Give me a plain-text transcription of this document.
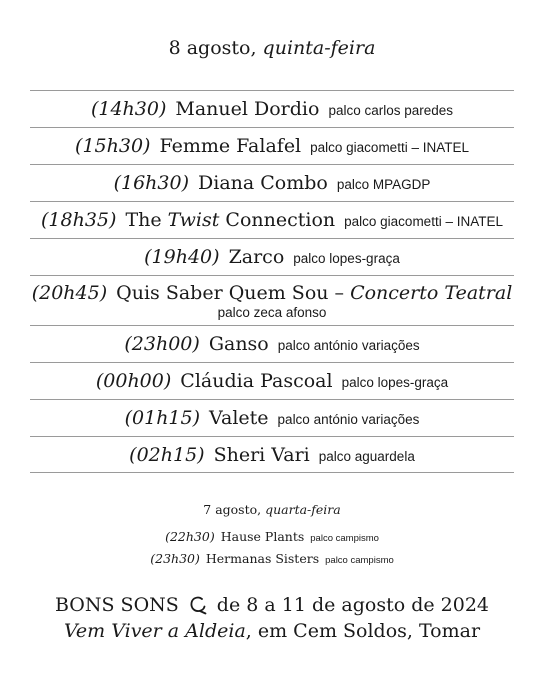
8 agosto, quinta-feira
(14h30) Manuel Dordio palco carlos paredes
(15h30) Femme Falafel palco giacometti – INATEL
(16h30) Diana Combo palco MPAGDP
(18h35) The Twist Connection palco giacometti – INATEL
(19h40) Zarco palco lopes-graça
(20h45) Quis Saber Quem Sou – Concerto Teatral
palco zeca afonso
(23h00) Ganso palco antónio variações
(00h00) Cláudia Pascoal palco lopes-graça
(01h15) Valete palco antónio variações
(02h15) Sheri Vari palco aguardela
7 agosto, quarta-feira
(22h30) Hause Plants palco campismo
(23h30) Hermanas Sisters palco campismo
BONS SONS de 8 a 11 de agosto de 2024
Vem Viver a Aldeia , em Cem Soldos, Tomar
